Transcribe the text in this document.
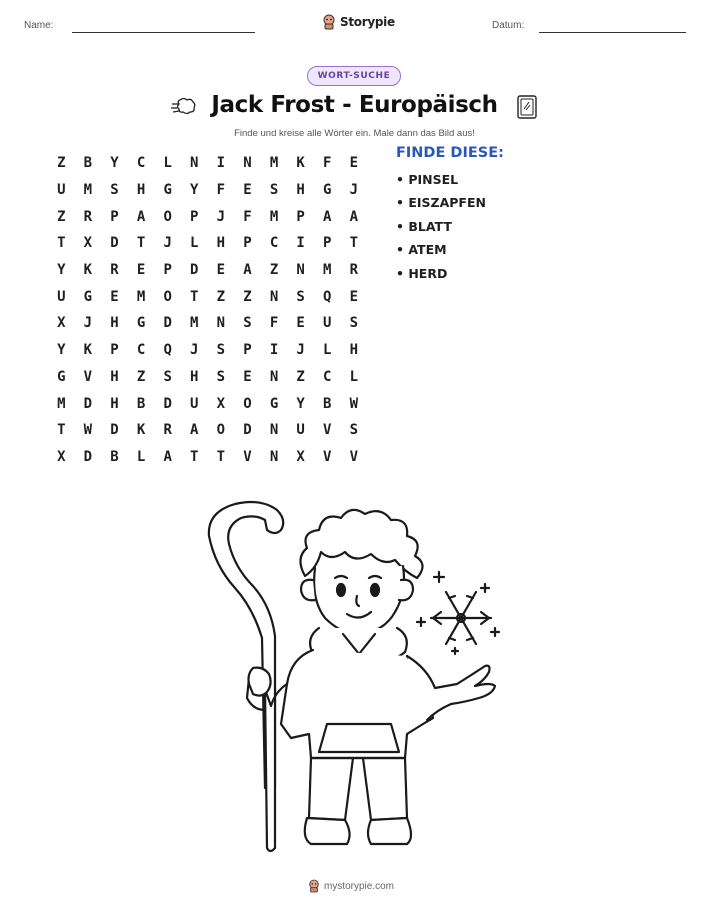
Name:	Storypie	Datum:
WORT-SUCHE
Jack Frost - Europäisch
Finde und kreise alle Wörter ein. Male dann das Bild aus!
Z	B	Y	C	L	N	I	N	M	K	F	E
U	M	S	H	G	Y	F	E	S	H	G	J
Z	R	P	A	O	P	J	F	M	P	A	A
T	X	D	T	J	L	H	P	C	I	P	T
Y	K	R	E	P	D	E	A	Z	N	M	R
U	G	E	M	O	T	Z	Z	N	S	Q	E
X	J	H	G	D	M	N	S	F	E	U	S
Y	K	P	C	Q	J	S	P	I	J	L	H
G	V	H	Z	S	H	S	E	N	Z	C	L
M	D	H	B	D	U	X	O	G	Y	B	W
T	W	D	K	R	A	O	D	N	U	V	S
X	D	B	L	A	T	T	V	N	X	V	V
FINDE DIESE:
• PINSEL
• EISZAPFEN
• BLATT
• ATEM
• HERD
mystorypie.com
